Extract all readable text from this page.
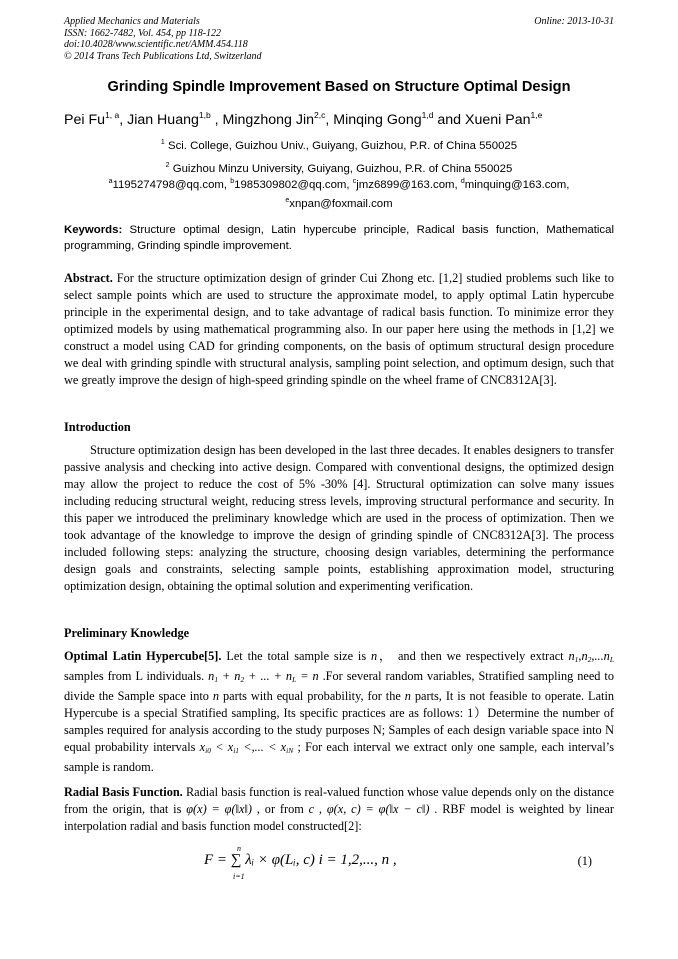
Applied Mechanics and Materials
ISSN: 1662-7482, Vol. 454, pp 118-122
doi:10.4028/www.scientific.net/AMM.454.118
© 2014 Trans Tech Publications Ltd, Switzerland
Online: 2013-10-31
Grinding Spindle Improvement Based on Structure Optimal Design
Pei Fu$^{1, a}$, Jian Huang$^{1,b}$ , Mingzhong Jin$^{2,c}$, Minqing Gong$^{1,d}$ and Xueni Pan$^{1,e}$
$^1$ Sci. College, Guizhou Univ., Guiyang, Guizhou, P.R. of China 550025
$^2$ Guizhou Minzu University, Guiyang, Guizhou, P.R. of China 550025
$^a$1195274798@qq.com, $^b$1985309802@qq.com, $^c$jmz6899@163.com, $^d$minquing@163.com,
$^e$xnpan@foxmail.com
Keywords: Structure optimal design, Latin hypercube principle, Radical basis function, Mathematical programming, Grinding spindle improvement.
Abstract. For the structure optimization design of grinder Cui Zhong etc. [1,2] studied problems such like to select sample points which are used to structure the approximate model, to apply optimal Latin hypercube principle in the experimental design, and to take advantage of radical basis function. To minimize error they optimized models by using mathematical programming also. In our paper here using the methods in [1,2] we construct a model using CAD for grinding components, on the basis of optimum structural design procedure we deal with grinding spindle with structural analysis, sampling point selection, and optimum design, such that we greatly improve the design of high-speed grinding spindle on the wheel frame of CNC8312A[3].
Introduction
Structure optimization design has been developed in the last three decades. It enables designers to transfer passive analysis and checking into active design. Compared with conventional designs, the optimized design may allow the project to reduce the cost of 5% -30% [4]. Structural optimization can solve many issues including reducing structural weight, reducing stress levels, improving structural performance and security. In this paper we introduced the preliminary knowledge which are used in the process of optimization. Then we took advantage of the knowledge to improve the design of grinding spindle of CNC8312A[3]. The process included following steps: analyzing the structure, choosing design variables, determining the performance design goals and constraints, selecting sample points, establishing approximation model, structuring optimization design, obtaining the optimal solution and experimenting verification.
Preliminary Knowledge
Optimal Latin Hypercube[5]. Let the total sample size is n， and then we respectively extract $n_1,n_2,...n_L$ samples from L individuals. $n_1 + n_2$ + ... + $n_L = n$ .For several random variables, Stratified sampling need to divide the Sample space into n parts with equal probability, for the n parts, It is not feasible to operate. Latin Hypercube is a special Stratified sampling, Its specific practices are as follows: 1）Determine the number of samples required for analysis according to the study purposes N; Samples of each design variable space into N equal probability intervals $x_{i0} < x_{i1}$ <,... < $x_{iN}$ ; For each interval we extract only one sample, each interval’s sample is random.
Radial Basis Function. Radial basis function is real-valued function whose value depends only on the distance from the origin, that is φ(x) = φ(‖x‖) , or from c , φ(x, c) = φ(‖x − c‖) . RBF model is weighted by linear interpolation radial and basis function model constructed[2]:
n
F = ∑ λᵢ × φ(Lᵢ, c) i = 1,2,..., n ,
i=1
(1)
